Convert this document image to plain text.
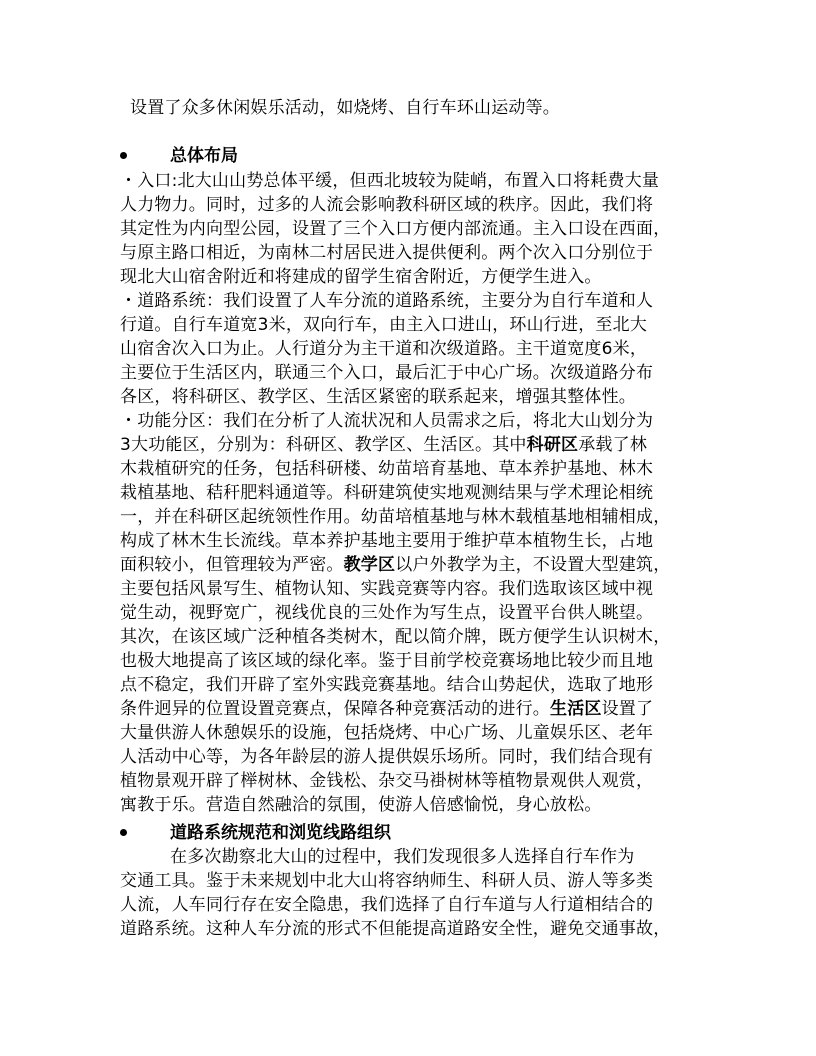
设置了众多休闲娱乐活动，如烧烤、自行车环山运动等。
总体布局
・入口:北大山山势总体平缓，但西北坡较为陡峭，布置入口将耗费大量
人力物力。同时，过多的人流会影响教科研区域的秩序。因此，我们将
其定性为内向型公园，设置了三个入口方便内部流通。主入口设在西面，
与原主路口相近，为南林二村居民进入提供便利。两个次入口分别位于
现北大山宿舍附近和将建成的留学生宿舍附近，方便学生进入。
・道路系统：我们设置了人车分流的道路系统，主要分为自行车道和人
行道。自行车道宽3米，双向行车，由主入口进山，环山行进，至北大
山宿舍次入口为止。人行道分为主干道和次级道路。主干道宽度6米，
主要位于生活区内，联通三个入口，最后汇于中心广场。次级道路分布
各区，将科研区、教学区、生活区紧密的联系起来，增强其整体性。
・功能分区：我们在分析了人流状况和人员需求之后，将北大山划分为
3大功能区，分别为：科研区、教学区、生活区。其中科研区承载了林
木栽植研究的任务，包括科研楼、幼苗培育基地、草本养护基地、林木
栽植基地、秸秆肥料通道等。科研建筑使实地观测结果与学术理论相统
一，并在科研区起统领性作用。幼苗培植基地与林木载植基地相辅相成，
构成了林木生长流线。草本养护基地主要用于维护草本植物生长，占地
面积较小，但管理较为严密。教学区以户外教学为主，不设置大型建筑，
主要包括风景写生、植物认知、实践竞赛等内容。我们选取该区域中视
觉生动，视野宽广，视线优良的三处作为写生点，设置平台供人眺望。
其次，在该区域广泛种植各类树木，配以简介牌，既方便学生认识树木，
也极大地提高了该区域的绿化率。鉴于目前学校竞赛场地比较少而且地
点不稳定，我们开辟了室外实践竞赛基地。结合山势起伏，选取了地形
条件迥异的位置设置竞赛点，保障各种竞赛活动的进行。生活区设置了
大量供游人休憩娱乐的设施，包括烧烤、中心广场、儿童娱乐区、老年
人活动中心等，为各年龄层的游人提供娱乐场所。同时，我们结合现有
植物景观开辟了榉树林、金钱松、杂交马褂树林等植物景观供人观赏，
寓教于乐。营造自然融洽的氛围，使游人倍感愉悦，身心放松。
道路系统规范和浏览线路组织
在多次勘察北大山的过程中，我们发现很多人选择自行车作为
交通工具。鉴于未来规划中北大山将容纳师生、科研人员、游人等多类
人流，人车同行存在安全隐患，我们选择了自行车道与人行道相结合的
道路系统。这种人车分流的形式不但能提高道路安全性，避免交通事故，
